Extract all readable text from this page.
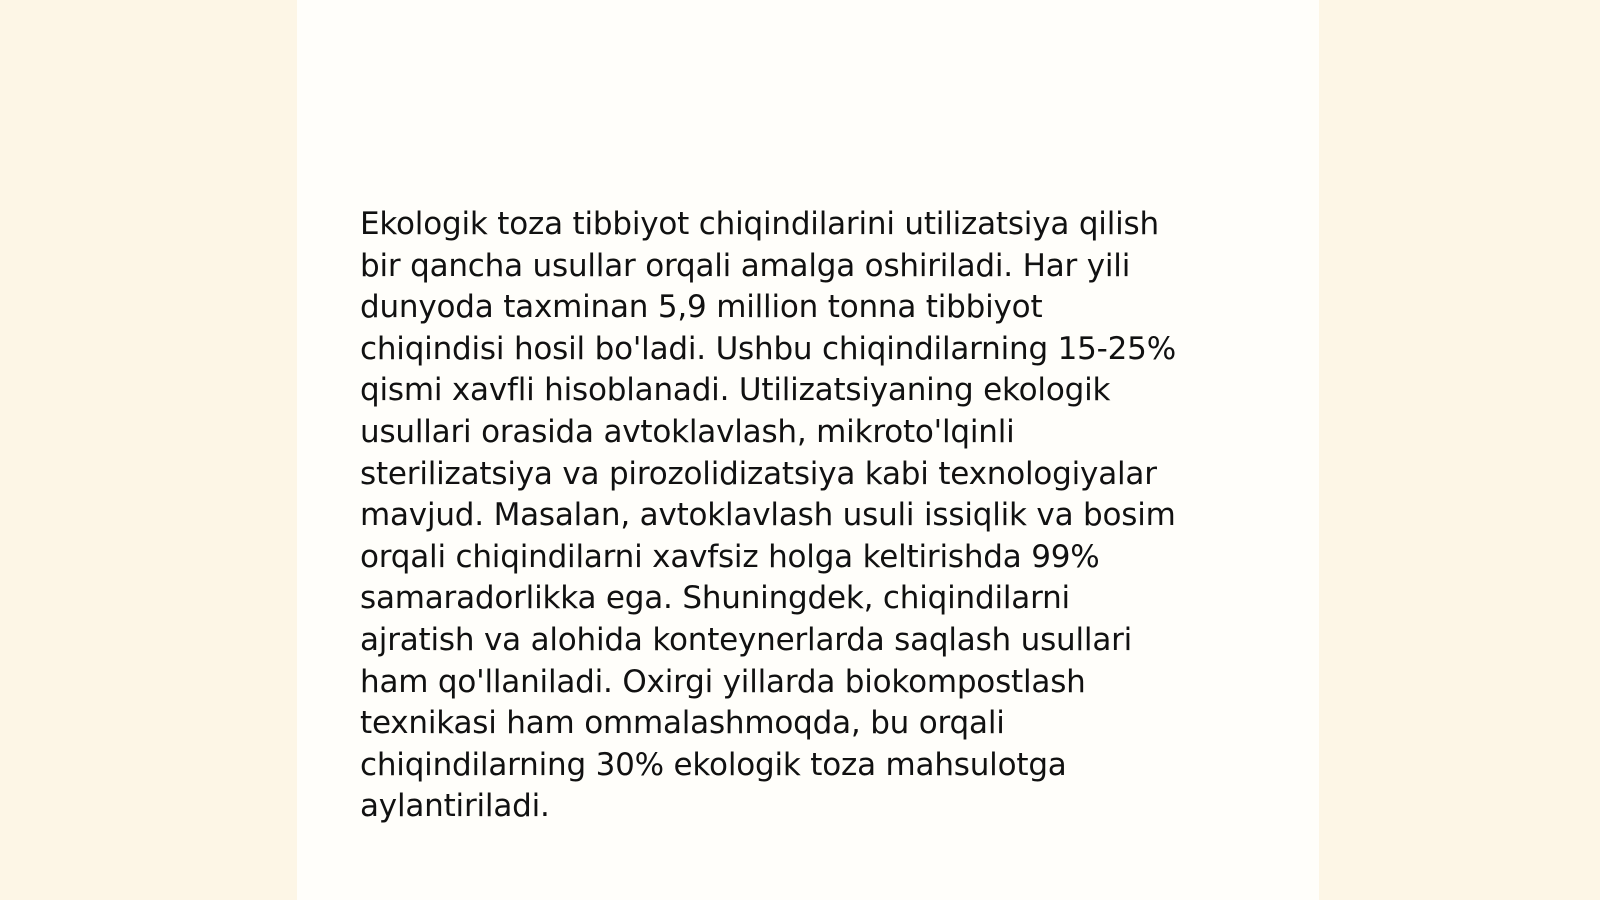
Ekologik toza tibbiyot chiqindilarini utilizatsiya qilish
bir qancha usullar orqali amalga oshiriladi. Har yili
dunyoda taxminan 5,9 million tonna tibbiyot
chiqindisi hosil bo'ladi. Ushbu chiqindilarning 15-25%
qismi xavfli hisoblanadi. Utilizatsiyaning ekologik
usullari orasida avtoklavlash, mikroto'lqinli
sterilizatsiya va pirozolidizatsiya kabi texnologiyalar
mavjud. Masalan, avtoklavlash usuli issiqlik va bosim
orqali chiqindilarni xavfsiz holga keltirishda 99%
samaradorlikka ega. Shuningdek, chiqindilarni
ajratish va alohida konteynerlarda saqlash usullari
ham qo'llaniladi. Oxirgi yillarda biokompostlash
texnikasi ham ommalashmoqda, bu orqali
chiqindilarning 30% ekologik toza mahsulotga
aylantiriladi.
